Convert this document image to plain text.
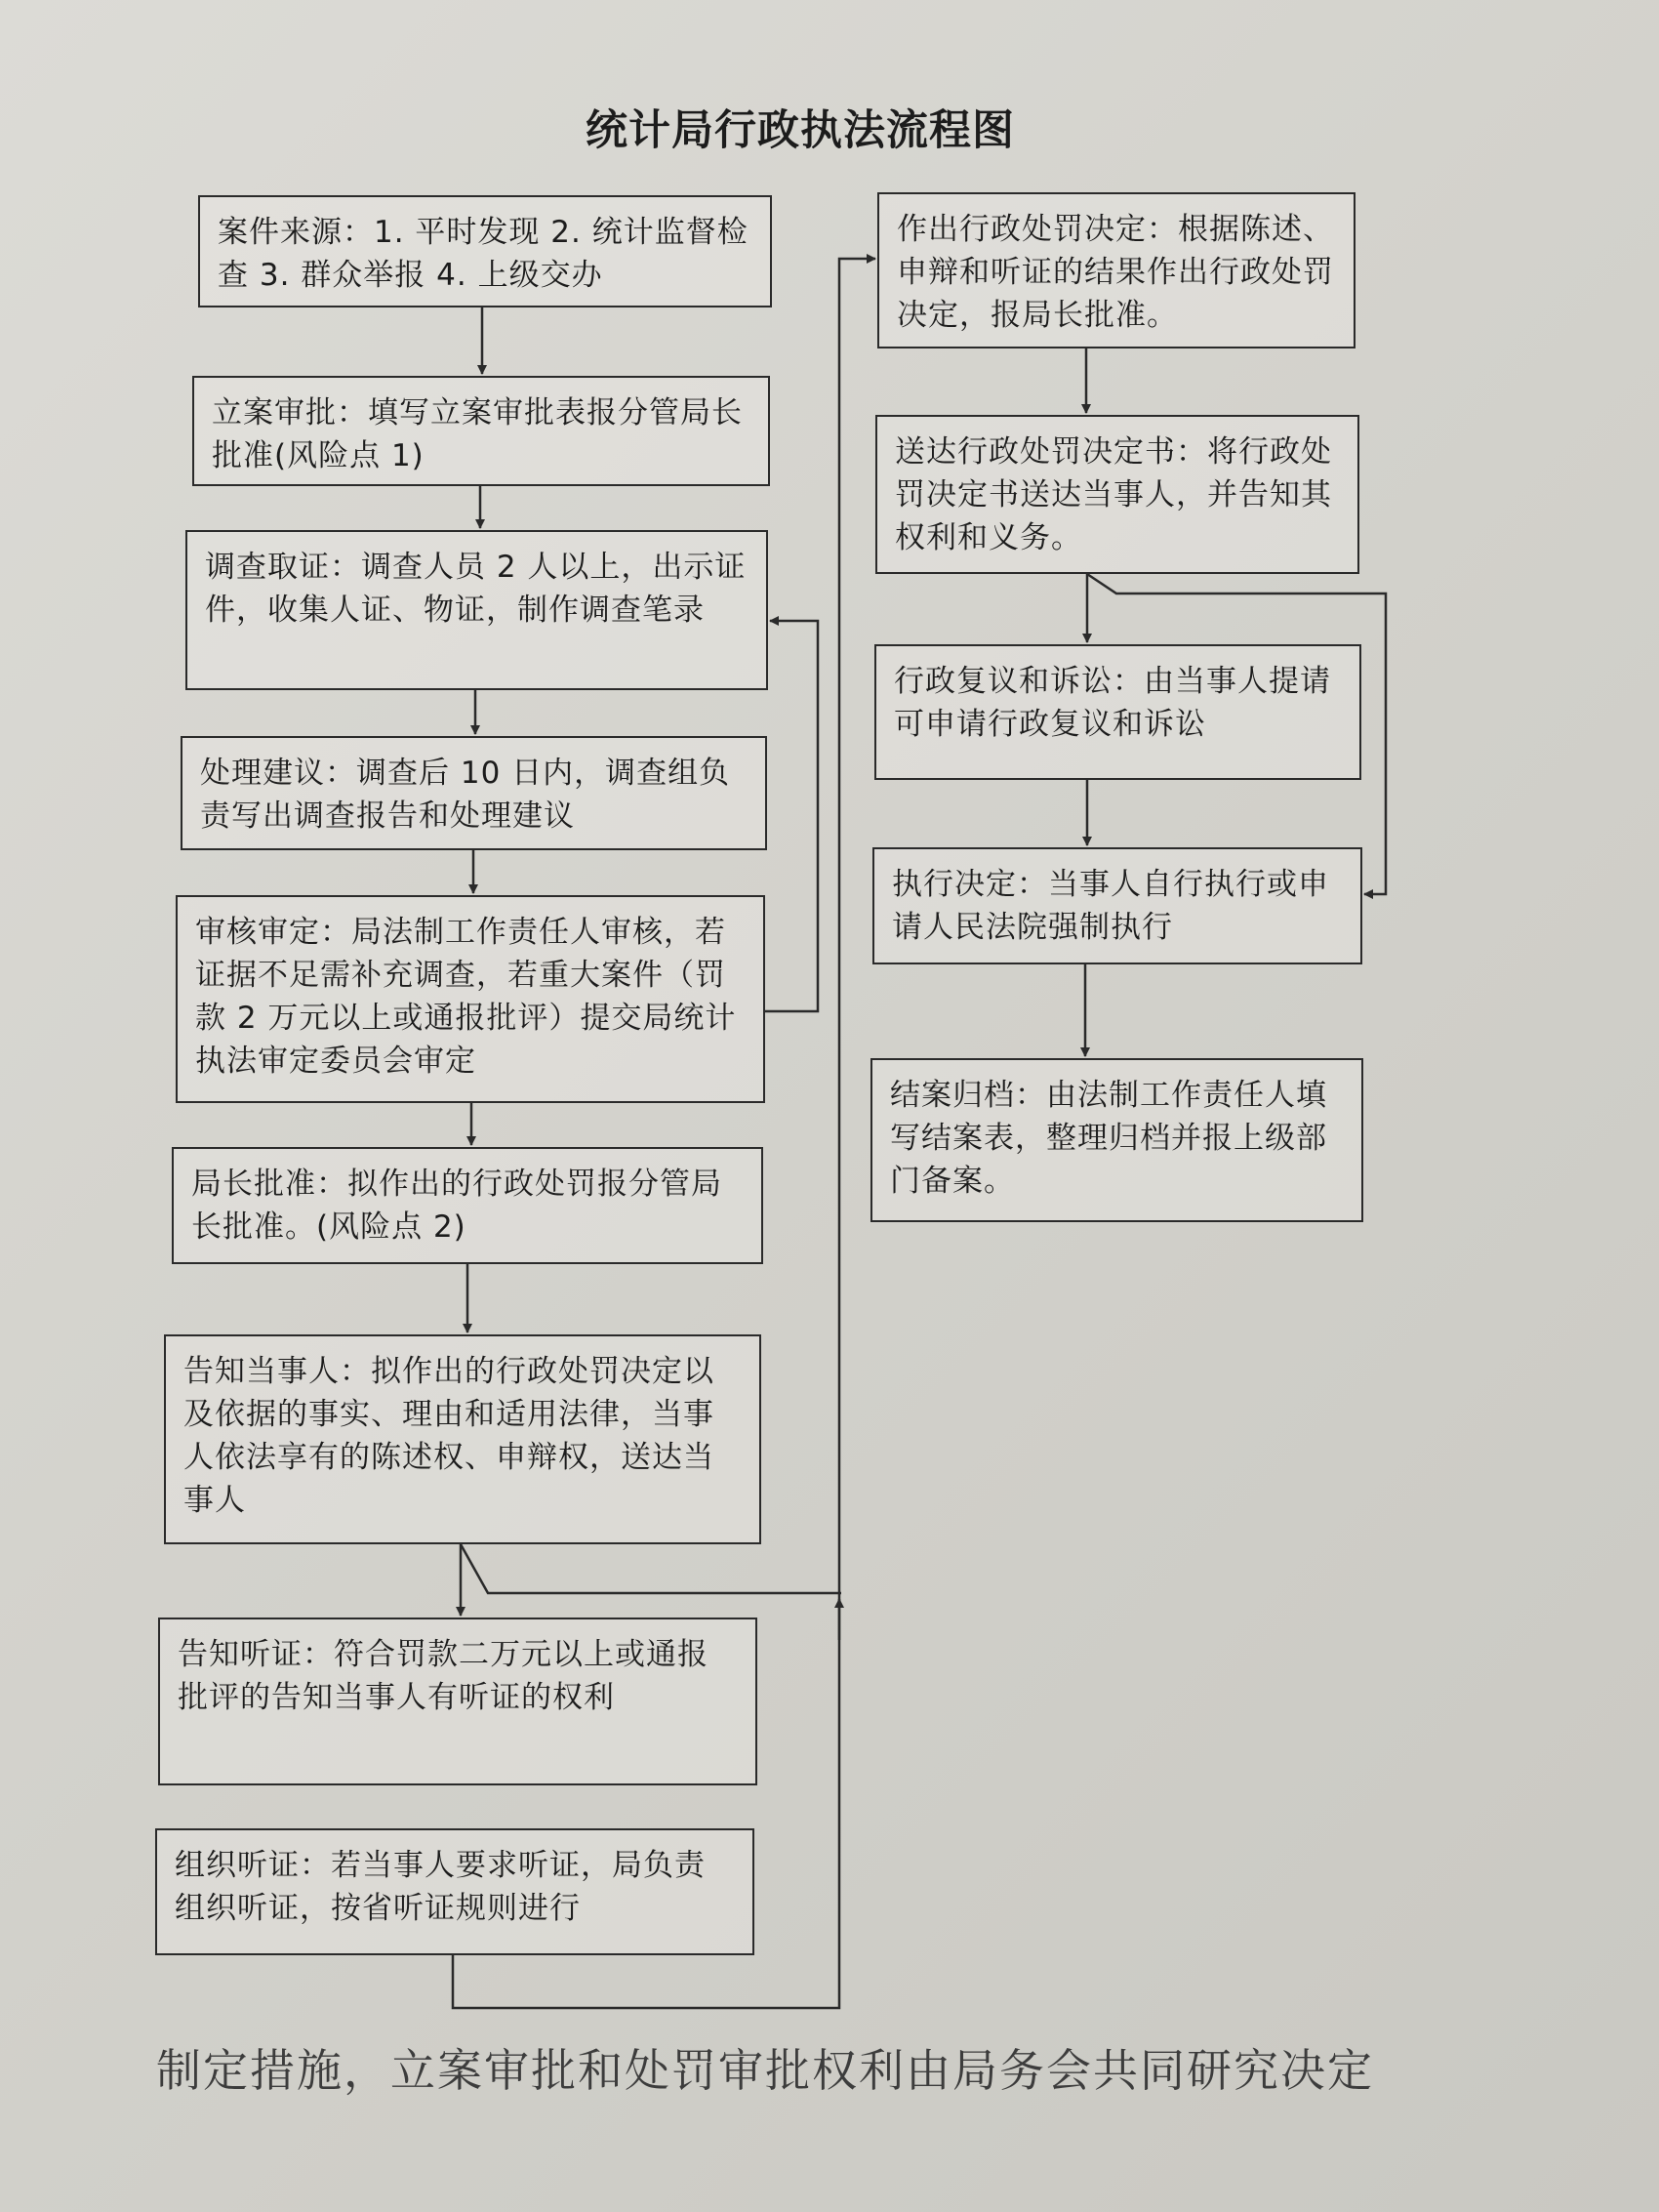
统计局行政执法流程图
案件来源：1. 平时发现 2. 统计监督检查 3. 群众举报 4. 上级交办
立案审批：填写立案审批表报分管局长批准(风险点 1)
调查取证：调查人员 2 人以上，出示证件，收集人证、物证，制作调查笔录
处理建议：调查后 10 日内，调查组负责写出调查报告和处理建议
审核审定：局法制工作责任人审核，若证据不足需补充调查，若重大案件（罚款 2 万元以上或通报批评）提交局统计执法审定委员会审定
局长批准：拟作出的行政处罚报分管局长批准。(风险点 2)
告知当事人：拟作出的行政处罚决定以及依据的事实、理由和适用法律，当事人依法享有的陈述权、申辩权，送达当事人
告知听证：符合罚款二万元以上或通报批评的告知当事人有听证的权利
组织听证：若当事人要求听证，局负责组织听证，按省听证规则进行
作出行政处罚决定：根据陈述、申辩和听证的结果作出行政处罚决定，报局长批准。
送达行政处罚决定书：将行政处罚决定书送达当事人，并告知其权利和义务。
行政复议和诉讼：由当事人提请可申请行政复议和诉讼
执行决定：当事人自行执行或申请人民法院强制执行
结案归档：由法制工作责任人填写结案表，整理归档并报上级部门备案。
制定措施，立案审批和处罚审批权利由局务会共同研究决定
